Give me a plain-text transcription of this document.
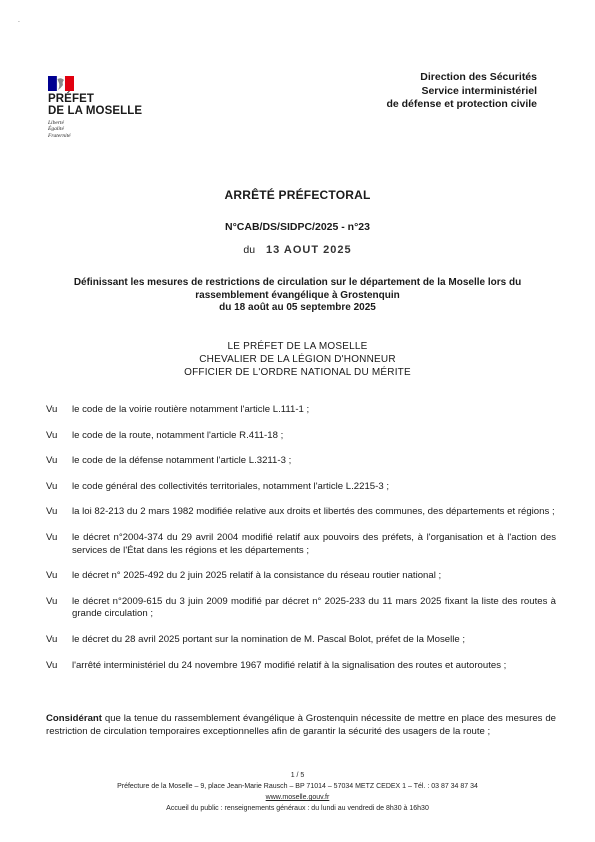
`
PRÉFET
DE LA MOSELLE
Liberté
Égalité
Fraternité
Direction des Sécurités
Service interministériel
de défense et protection civile
ARRÊTÉ PRÉFECTORAL
N°CAB/DS/SIDPC/2025 - n°23
du 13 AOUT 2025
Définissant les mesures de restrictions de circulation sur le département de la Moselle lors du
rassemblement évangélique à Grostenquin
du 18 août au 05 septembre 2025
LE PRÉFET DE LA MOSELLE
CHEVALIER DE LA LÉGION D'HONNEUR
OFFICIER DE L'ORDRE NATIONAL DU MÉRITE
Vu	le code de la voirie routière notamment l'article L.111-1 ;
Vu	le code de la route, notamment l'article R.411-18 ;
Vu	le code de la défense notamment l'article L.3211-3 ;
Vu	le code général des collectivités territoriales, notamment l'article L.2215-3 ;
Vu	la loi 82-213 du 2 mars 1982 modifiée relative aux droits et libertés des communes, des départements et régions ;
Vu	le décret n°2004-374 du 29 avril 2004 modifié relatif aux pouvoirs des préfets, à l'organisation et à l'action des services de l'État dans les régions et les départements ;
Vu	le décret n° 2025-492 du 2 juin 2025 relatif à la consistance du réseau routier national ;
Vu	le décret n°2009-615 du 3 juin 2009 modifié par décret n° 2025-233 du 11 mars 2025 fixant la liste des routes à grande circulation ;
Vu	le décret du 28 avril 2025 portant sur la nomination de M. Pascal Bolot, préfet de la Moselle ;
Vu	l'arrêté interministériel du 24 novembre 1967 modifié relatif à la signalisation des routes et autoroutes ;
Considérant que la tenue du rassemblement évangélique à Grostenquin nécessite de mettre en place des mesures de restriction de circulation temporaires exceptionnelles afin de garantir la sécurité des usagers de la route ;
1 / 5
Préfecture de la Moselle – 9, place Jean-Marie Rausch – BP 71014 – 57034 METZ CEDEX 1 – Tél. : 03 87 34 87 34
www.moselle.gouv.fr
Accueil du public : renseignements généraux : du lundi au vendredi de 8h30 à 16h30
